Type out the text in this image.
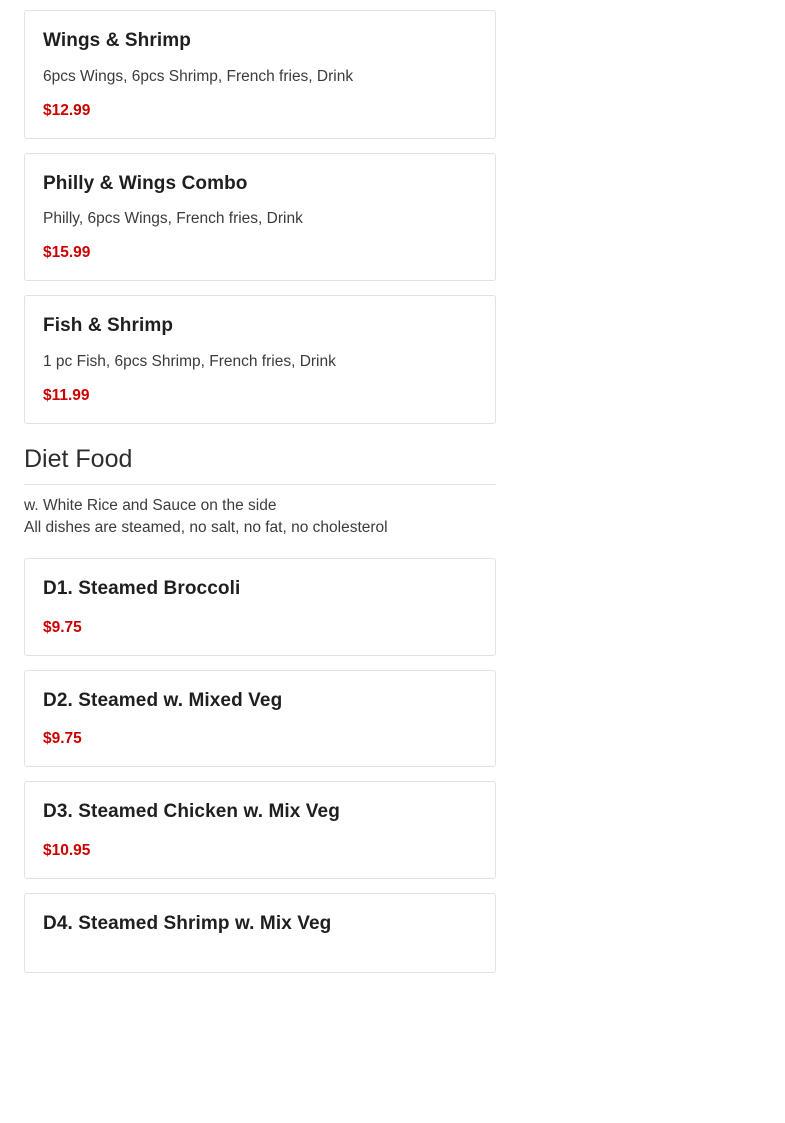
Wings & Shrimp
6pcs Wings, 6pcs Shrimp, French fries, Drink
$12.99
Philly & Wings Combo
Philly, 6pcs Wings, French fries, Drink
$15.99
Fish & Shrimp
1 pc Fish, 6pcs Shrimp, French fries, Drink
$11.99
Diet Food
w. White Rice and Sauce on the side
All dishes are steamed, no salt, no fat, no cholesterol
D1. Steamed Broccoli
$9.75
D2. Steamed w. Mixed Veg
$9.75
D3. Steamed Chicken w. Mix Veg
$10.95
D4. Steamed Shrimp w. Mix Veg
